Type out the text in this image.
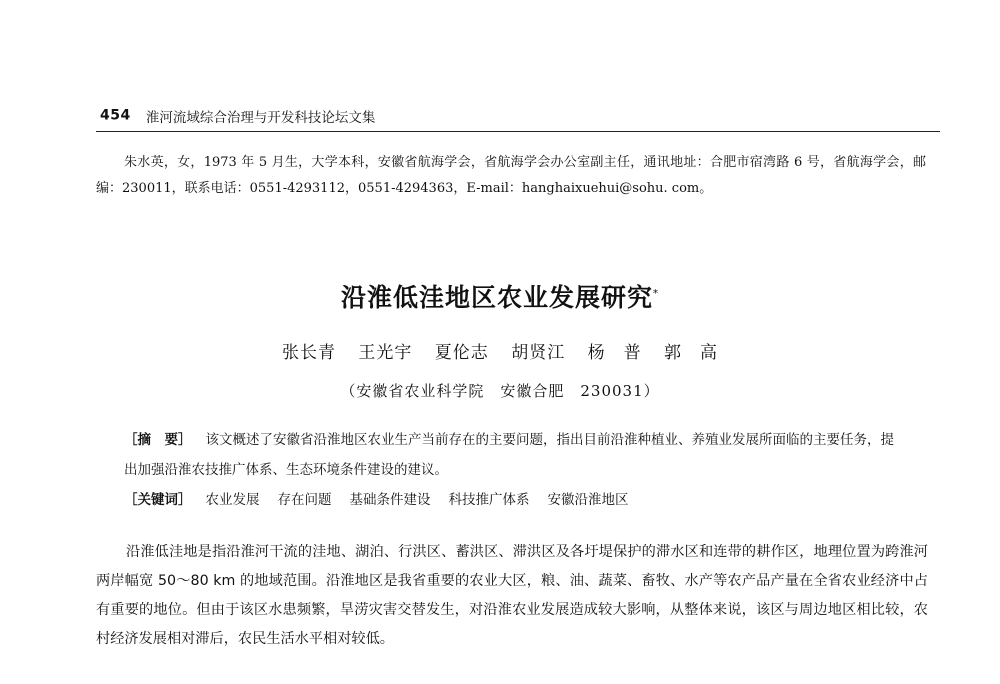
454 淮河流域综合治理与开发科技论坛文集

朱水英，女，1973 年 5 月生，大学本科，安徽省航海学会，省航海学会办公室副主任，通讯地址：合肥市宿湾路 6 号，省航海学会，邮编：230011，联系电话：0551-4293112，0551-4294363，E-mail：hanghaixuehui@sohu. com。

沿淮低洼地区农业发展研究*
张长青 王光宇 夏伦志 胡贤江 杨　普 郭　高
（安徽省农业科学院　安徽合肥　230031）

［摘　要］ 该文概述了安徽省沿淮地区农业生产当前存在的主要问题，指出目前沿淮种植业、养殖业发展所面临的主要任务，提出加强沿淮农技推广体系、生态环境条件建设的建议。

［关键词］ 农业发展 存在问题 基础条件建设 科技推广体系 安徽沿淮地区

沿淮低洼地是指沿淮河干流的洼地、湖泊、行洪区、蓄洪区、滞洪区及各圩堤保护的滞水区和连带的耕作区，地理位置为跨淮河两岸幅宽 50～80 km 的地域范围。沿淮地区是我省重要的农业大区，粮、油、蔬菜、畜牧、水产等农产品产量在全省农业经济中占有重要的地位。但由于该区水患频繁，旱涝灾害交替发生，对沿淮农业发展造成较大影响，从整体来说，该区与周边地区相比较，农村经济发展相对滞后，农民生活水平相对较低。
